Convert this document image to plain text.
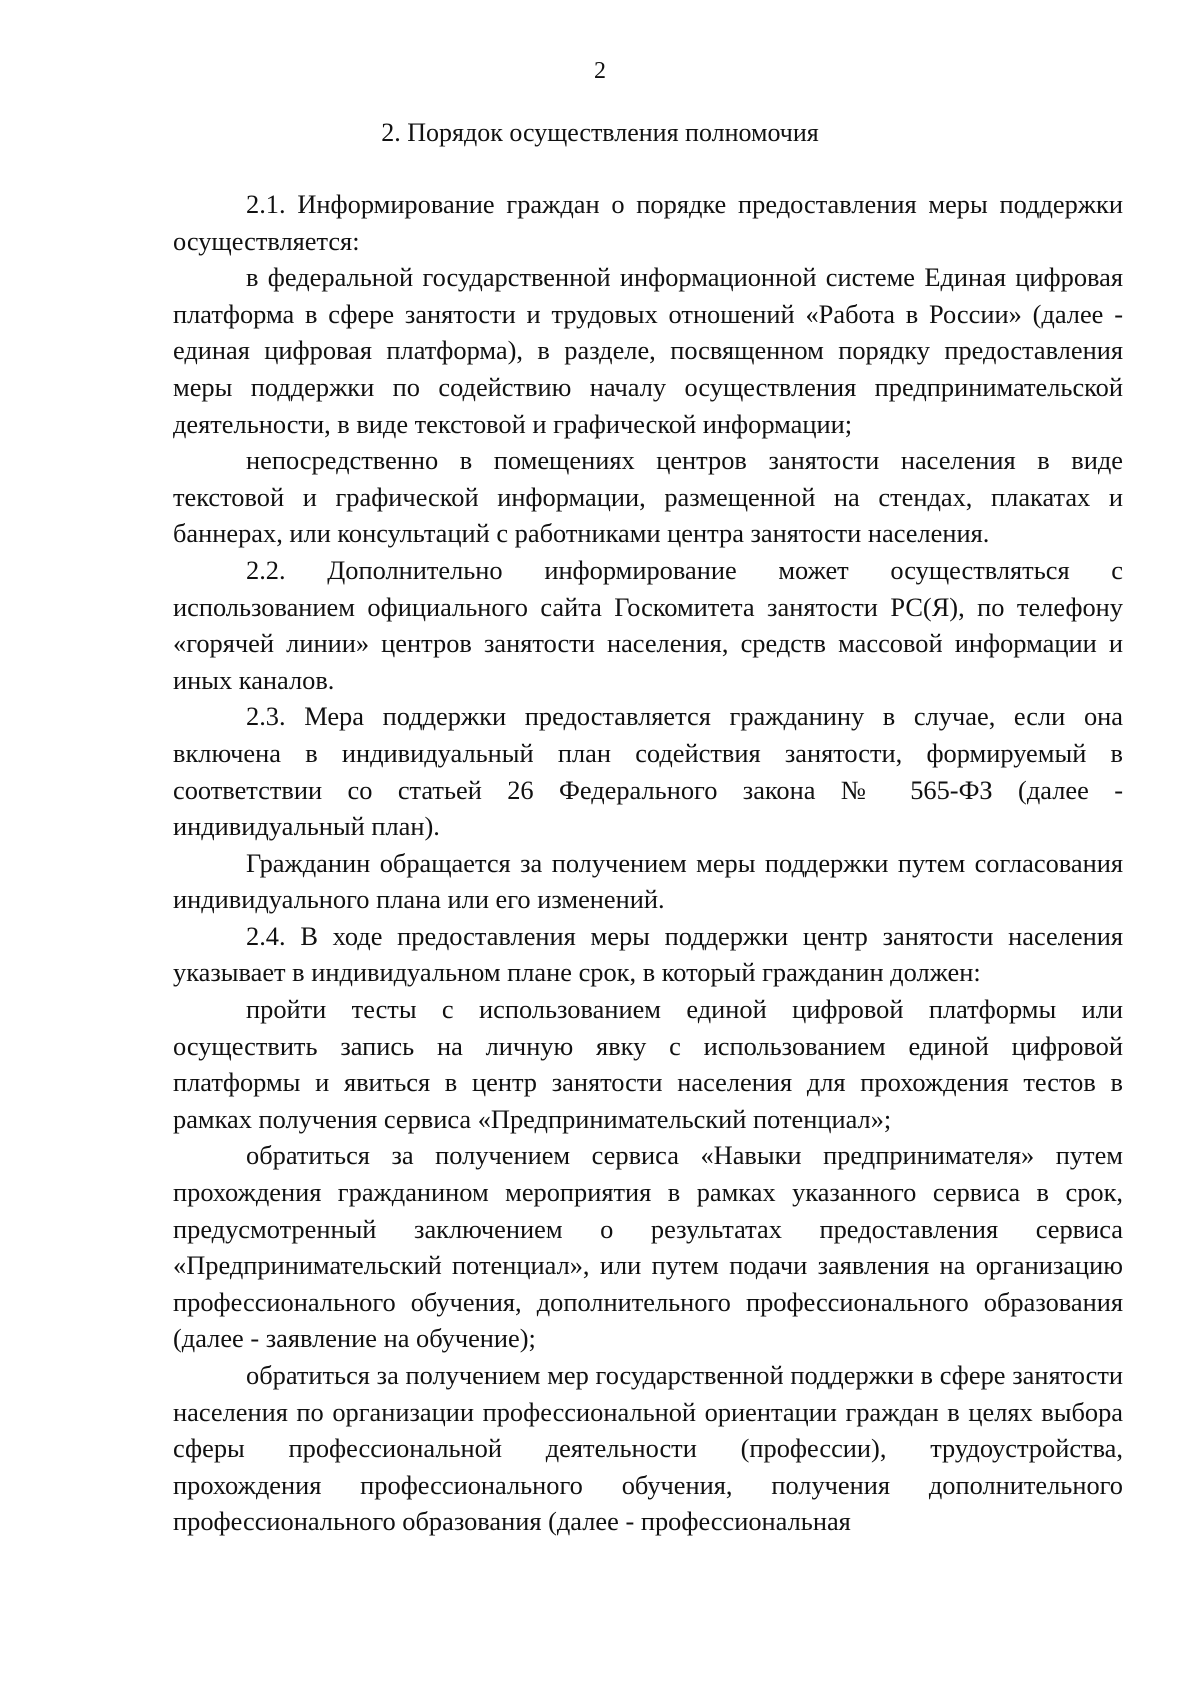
2
2. Порядок осуществления полномочия

2.1. Информирование граждан о порядке предоставления меры поддержки осуществляется:

в федеральной государственной информационной системе Единая цифровая платформа в сфере занятости и трудовых отношений «Работа в России» (далее - единая цифровая платформа), в разделе, посвященном порядку предоставления меры поддержки по содействию началу осуществления предпринимательской деятельности, в виде текстовой и графической информации;

непосредственно в помещениях центров занятости населения в виде текстовой и графической информации, размещенной на стендах, плакатах и баннерах, или консультаций с работниками центра занятости населения.

2.2. Дополнительно информирование может осуществляться с использованием официального сайта Госкомитета занятости РС(Я), по телефону «горячей линии» центров занятости населения, средств массовой информации и иных каналов.

2.3. Мера поддержки предоставляется гражданину в случае, если она включена в индивидуальный план содействия занятости, формируемый в соответствии со статьей 26 Федерального закона № 565-ФЗ (далее - индивидуальный план).

Гражданин обращается за получением меры поддержки путем согласования индивидуального плана или его изменений.

2.4. В ходе предоставления меры поддержки центр занятости населения указывает в индивидуальном плане срок, в который гражданин должен:

пройти тесты с использованием единой цифровой платформы или осуществить запись на личную явку с использованием единой цифровой платформы и явиться в центр занятости населения для прохождения тестов в рамках получения сервиса «Предпринимательский потенциал»;

обратиться за получением сервиса «Навыки предпринимателя» путем прохождения гражданином мероприятия в рамках указанного сервиса в срок, предусмотренный заключением о результатах предоставления сервиса «Предпринимательский потенциал», или путем подачи заявления на организацию профессионального обучения, дополнительного профессионального образования (далее - заявление на обучение);

обратиться за получением мер государственной поддержки в сфере занятости населения по организации профессиональной ориентации граждан в целях выбора сферы профессиональной деятельности (профессии), трудоустройства, прохождения профессионального обучения, получения дополнительного профессионального образования (далее - профессиональная
